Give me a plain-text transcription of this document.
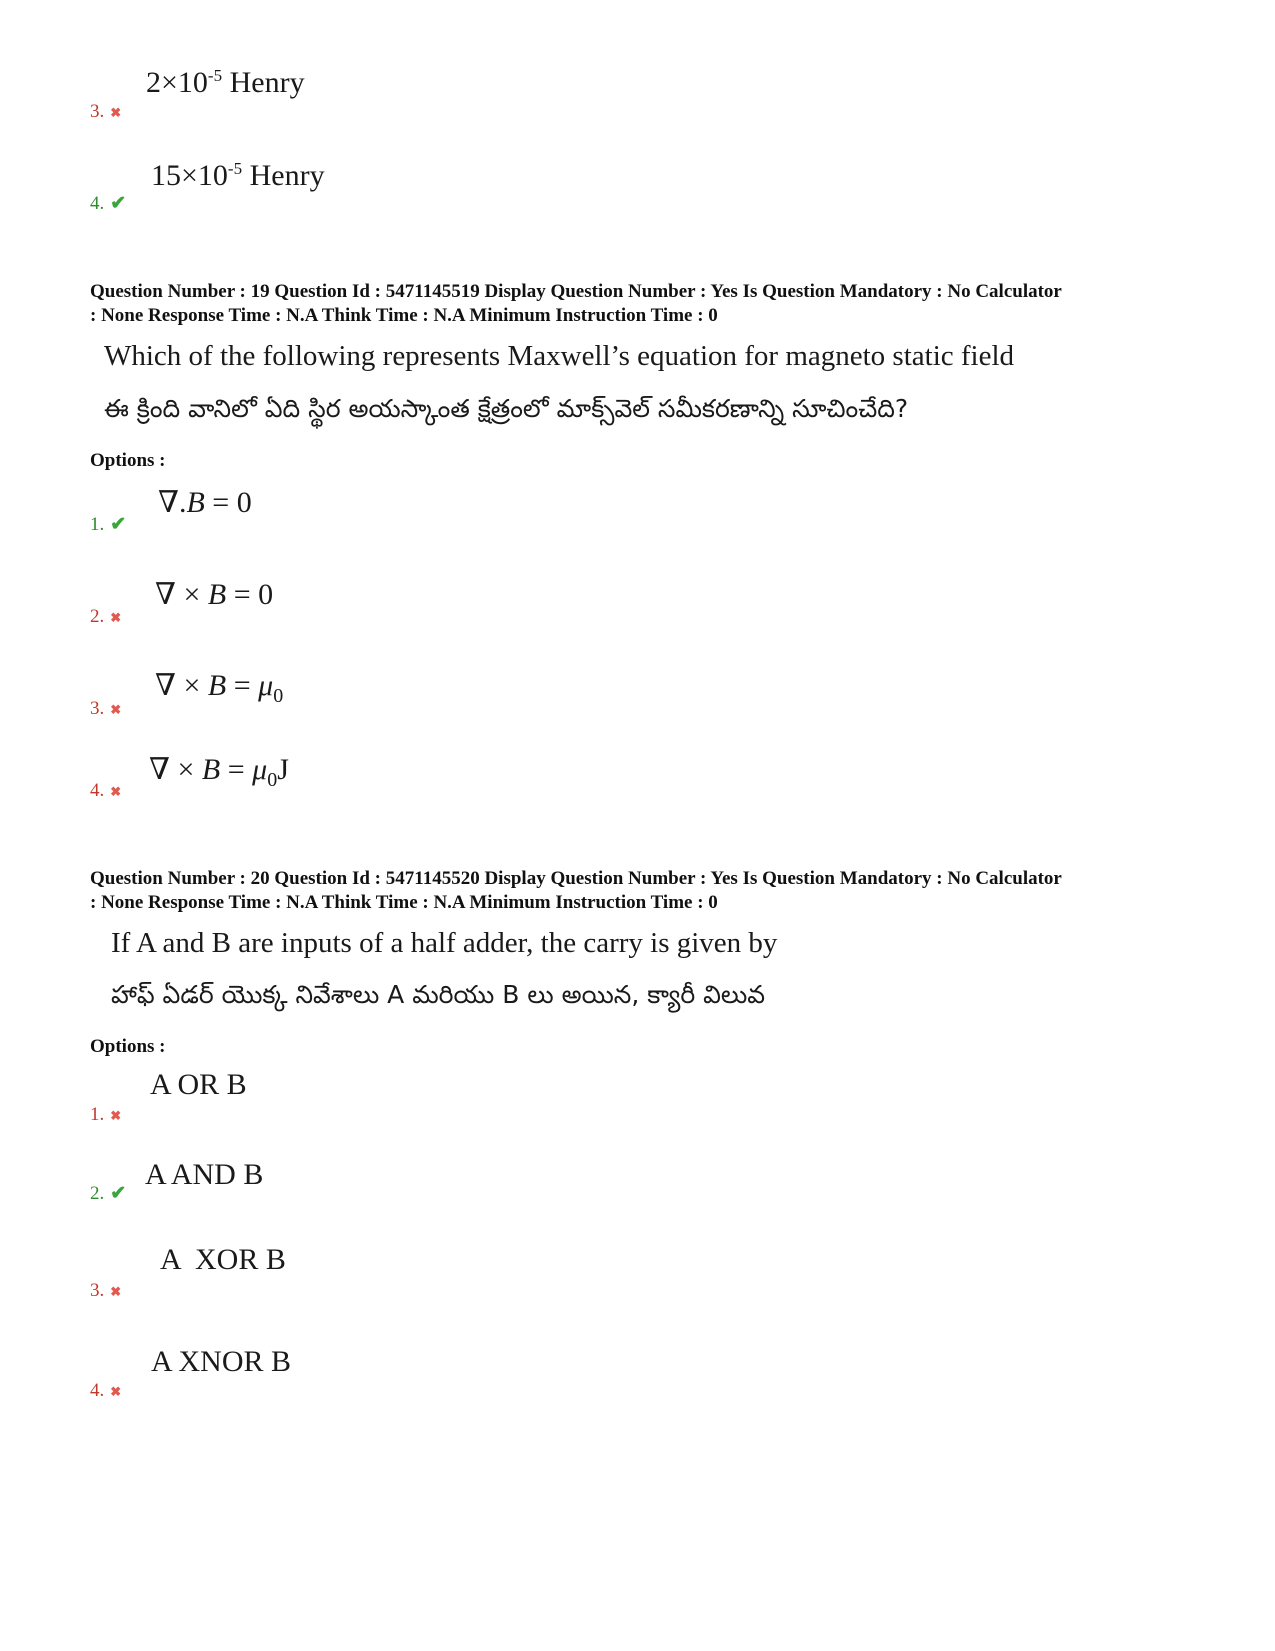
$2\times 10^{-5}$ Henry
3. ✖
$15\times 10^{-5}$ Henry
4. ✔
Question Number : 19 Question Id : 5471145519 Display Question Number : Yes Is Question Mandatory : No Calculator
: None Response Time : N.A Think Time : N.A Minimum Instruction Time : 0
Which of the following represents Maxwell’s equation for magneto static field
ఈ క్రింది వానిలో ఏది స్థిర అయస్కాంత క్షేత్రంలో మాక్స్‌వెల్ సమీకరణాన్ని సూచించేది?
Options :
∇.B = 0
1. ✔
∇ × B = 0
2. ✖
∇ × $B = \mu_0$
3. ✖
∇ × $B = \mu_0J$
4. ✖
Question Number : 20 Question Id : 5471145520 Display Question Number : Yes Is Question Mandatory : No Calculator
: None Response Time : N.A Think Time : N.A Minimum Instruction Time : 0
If A and B are inputs of a half adder, the carry is given by
హాఫ్ ఏడర్ యొక్క నివేశాలు A మరియు B లు అయిన, క్యారీ విలువ
Options :
A OR B
1. ✖
A AND B
2. ✔
A  XOR B
3. ✖
A XNOR B
4. ✖
